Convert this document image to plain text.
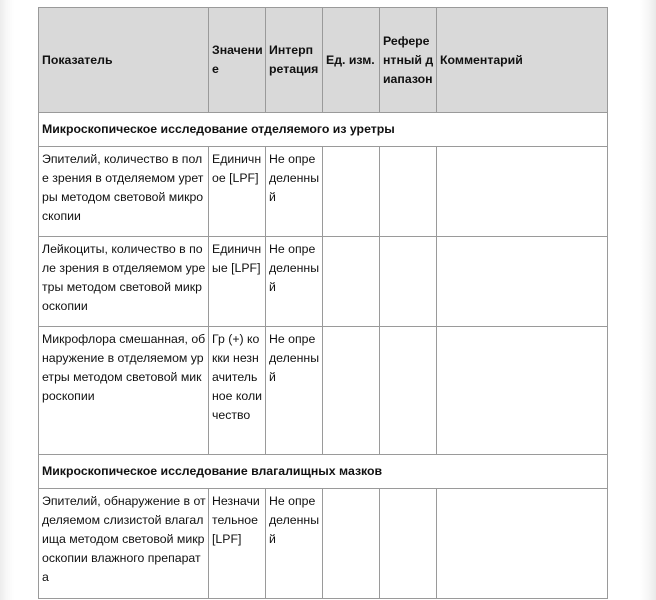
Показатель	Значение	Интерпретация	Ед. изм.	Референтный диапазон	Комментарий
Микроскопическое исследование отделяемого из уретры					
Эпителий, количество в поле зрения в отделяемом уретры методом световой микроскопии	Единичное [LPF]	Не определенный			
Лейкоциты, количество в поле зрения в отделяемом уретры методом световой микроскопии	Единичные [LPF]	Не определенный			
Микрофлора смешанная, обнаружение в отделяемом уретры методом световой микроскопии	Гр (+) кокки незначительное количество	Не определенный			
Микроскопическое исследование влагалищных мазков					
Эпителий, обнаружение в отделяемом слизистой влагалища методом световой микроскопии влажного препарата	Незначительное [LPF]	Не определенный			
